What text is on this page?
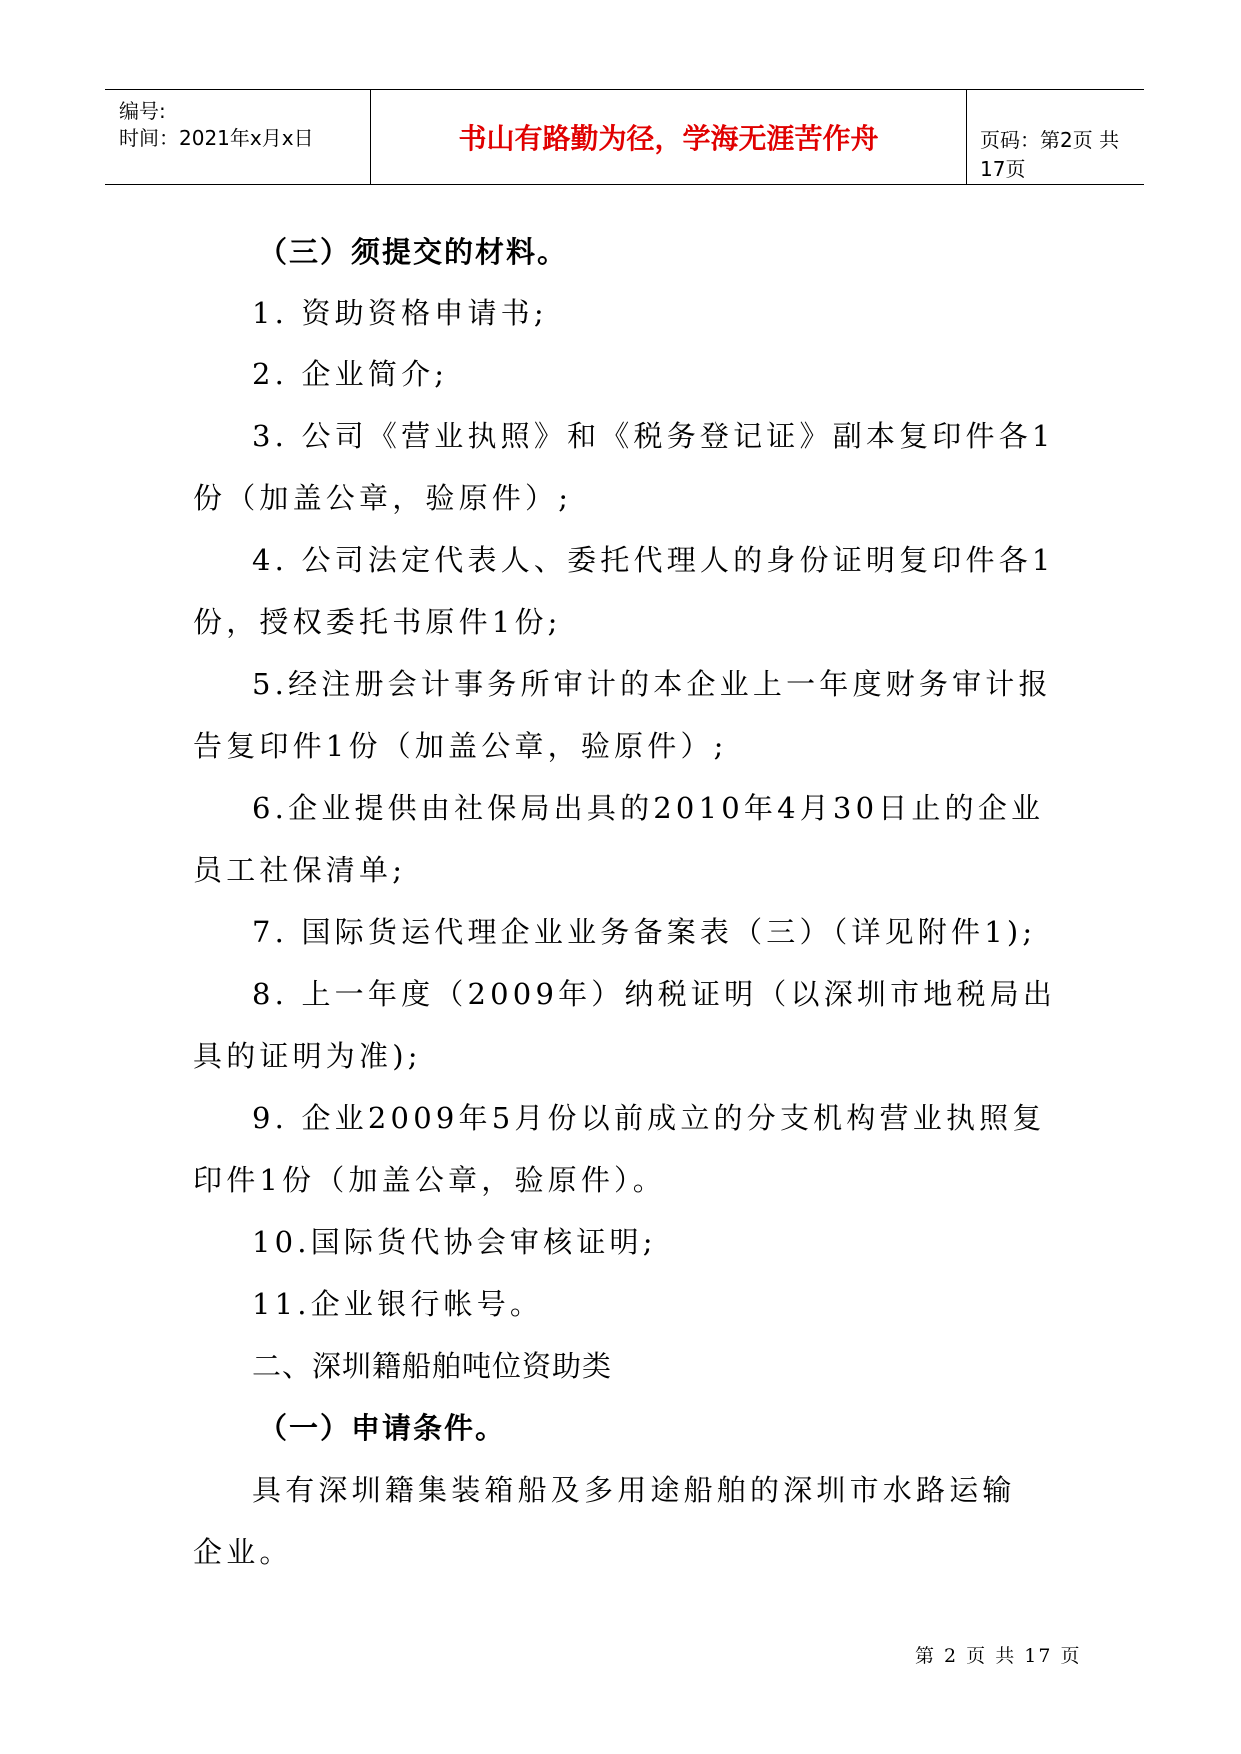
编号:
时间：2021年x月x日	书山有路勤为径，学海无涯苦作舟	页码：第2页 共17页
（三）须提交的材料。
1. 资助资格申请书;
2. 企业简介;
3. 公司《营业执照》和《税务登记证》副本复印件各1
份（加盖公章，验原件）;
4. 公司法定代表人、委托代理人的身份证明复印件各1
份，授权委托书原件1份;
5.经注册会计事务所审计的本企业上一年度财务审计报
告复印件1份（加盖公章，验原件）;
6.企业提供由社保局出具的2010年4月30日止的企业
员工社保清单;
7. 国际货运代理企业业务备案表（三）（详见附件1);
8. 上一年度（2009年）纳税证明（以深圳市地税局出
具的证明为准);
9. 企业2009年5月份以前成立的分支机构营业执照复
印件1份（加盖公章，验原件）。
10.国际货代协会审核证明;
11.企业银行帐号。
二、深圳籍船舶吨位资助类
（一）申请条件。
具有深圳籍集装箱船及多用途船舶的深圳市水路运输
企业。
第 2 页 共 17 页
